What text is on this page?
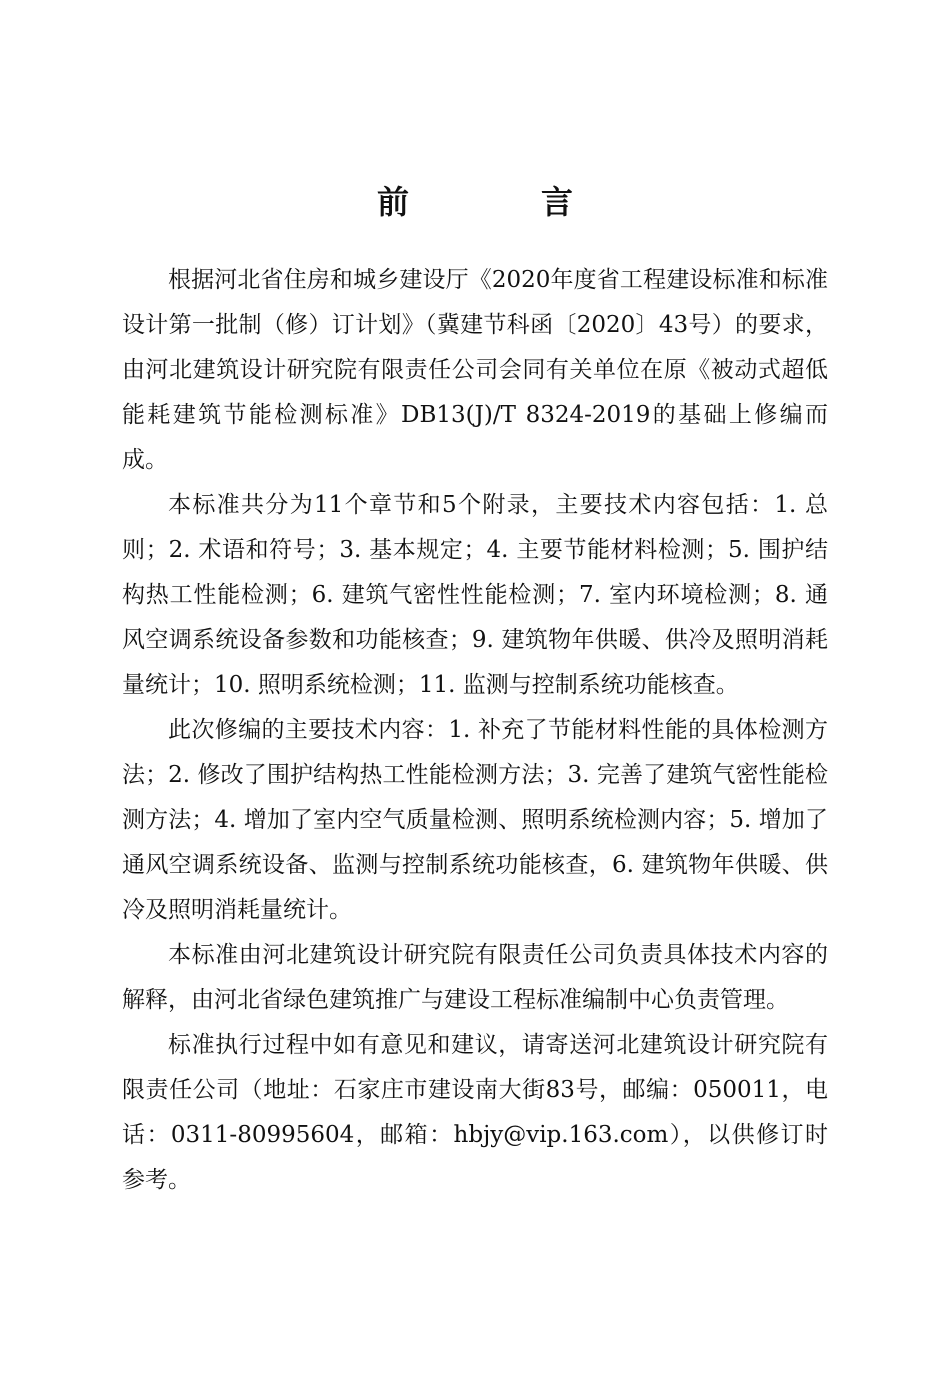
前　言

根据河北省住房和城乡建设厅《2020年度省工程建设标准和标准设计第一批制（修）订计划》（冀建节科函〔2020〕43号）的要求，由河北建筑设计研究院有限责任公司会同有关单位在原《被动式超低能耗建筑节能检测标准》DB13(J)/T 8324-2019的基础上修编而成。

本标准共分为11个章节和5个附录，主要技术内容包括：1. 总则；2. 术语和符号；3. 基本规定；4. 主要节能材料检测；5. 围护结构热工性能检测；6. 建筑气密性性能检测；7. 室内环境检测；8. 通风空调系统设备参数和功能核查；9. 建筑物年供暖、供冷及照明消耗量统计；10. 照明系统检测；11. 监测与控制系统功能核查。

此次修编的主要技术内容：1. 补充了节能材料性能的具体检测方法；2. 修改了围护结构热工性能检测方法；3. 完善了建筑气密性能检测方法；4. 增加了室内空气质量检测、照明系统检测内容；5. 增加了通风空调系统设备、监测与控制系统功能核查，6. 建筑物年供暖、供冷及照明消耗量统计。

本标准由河北建筑设计研究院有限责任公司负责具体技术内容的解释，由河北省绿色建筑推广与建设工程标准编制中心负责管理。

标准执行过程中如有意见和建议，请寄送河北建筑设计研究院有限责任公司（地址：石家庄市建设南大街83号，邮编：050011，电话：0311-80995604，邮箱：hbjy@vip.163.com），以供修订时参考。
